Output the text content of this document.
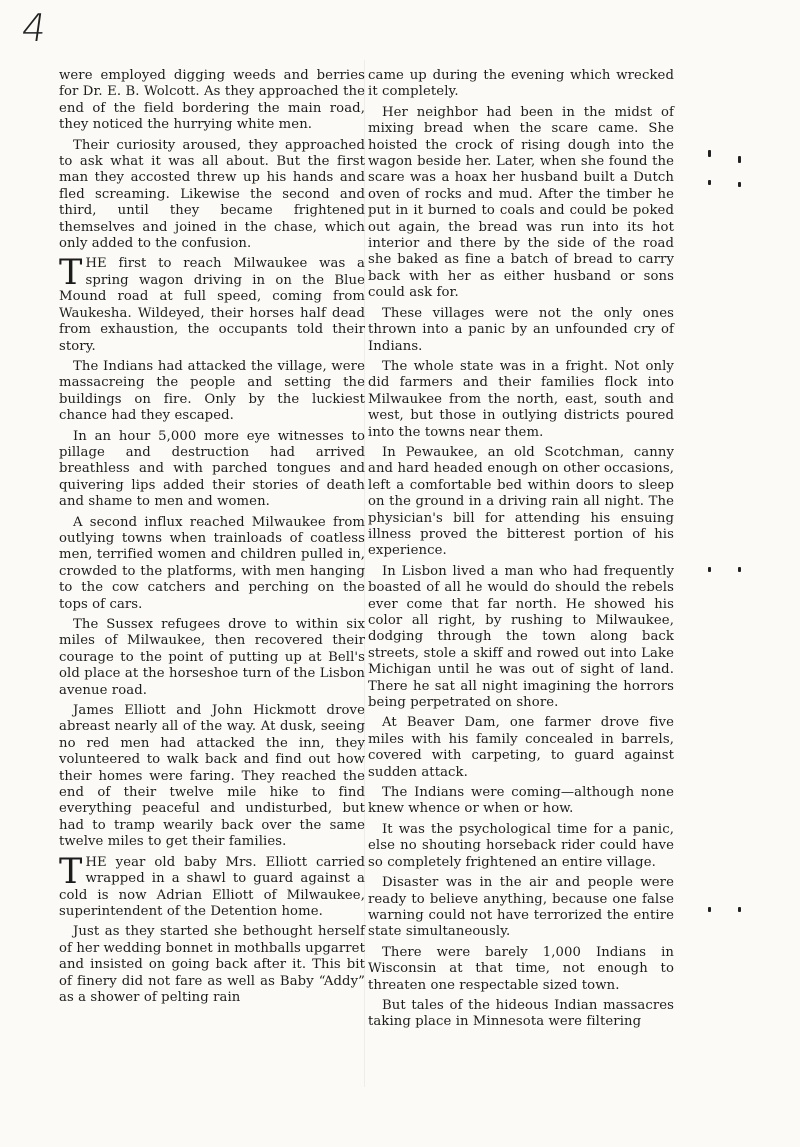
4

were employed digging weeds and berries for Dr. E. B. Wolcott. As they approached the end of the field bordering the main road, they noticed the hurrying white men.

Their curiosity aroused, they approached to ask what it was all about. But the first man they accosted threw up his hands and fled screaming. Likewise the second and third, until they became frightened themselves and joined in the chase, which only added to the confusion.

THE first to reach Milwaukee was a spring wagon driving in on the Blue Mound road at full speed, coming from Waukesha. Wildeyed, their horses half dead from exhaustion, the occupants told their story.

The Indians had attacked the village, were massacreing the people and setting the buildings on fire. Only by the luckiest chance had they escaped.

In an hour 5,000 more eye witnesses to pillage and destruction had arrived breathless and with parched tongues and quivering lips added their stories of death and shame to men and women.

A second influx reached Milwaukee from outlying towns when trainloads of coatless men, terrified women and children pulled in, crowded to the platforms, with men hanging to the cow catchers and perching on the tops of cars.

The Sussex refugees drove to within six miles of Milwaukee, then recovered their courage to the point of putting up at Bell's old place at the horseshoe turn of the Lisbon avenue road.

James Elliott and John Hickmott drove abreast nearly all of the way. At dusk, seeing no red men had attacked the inn, they volunteered to walk back and find out how their homes were faring. They reached the end of their twelve mile hike to find everything peaceful and undisturbed, but had to tramp wearily back over the same twelve miles to get their families.

THE year old baby Mrs. Elliott carried wrapped in a shawl to guard against a cold is now Adrian Elliott of Milwaukee, superintendent of the Detention home.

Just as they started she bethought herself of her wedding bonnet in mothballs upgarret and insisted on going back after it. This bit of finery did not fare as well as Baby “Addy” as a shower of pelting rain

came up during the evening which wrecked it completely.

Her neighbor had been in the midst of mixing bread when the scare came. She hoisted the crock of rising dough into the wagon beside her. Later, when she found the scare was a hoax her husband built a Dutch oven of rocks and mud. After the timber he put in it burned to coals and could be poked out again, the bread was run into its hot interior and there by the side of the road she baked as fine a batch of bread to carry back with her as either husband or sons could ask for.

These villages were not the only ones thrown into a panic by an unfounded cry of Indians.

The whole state was in a fright. Not only did farmers and their families flock into Milwaukee from the north, east, south and west, but those in outlying districts poured into the towns near them.

In Pewaukee, an old Scotchman, canny and hard headed enough on other occasions, left a comfortable bed within doors to sleep on the ground in a driving rain all night. The physician's bill for attending his ensuing illness proved the bitterest portion of his experience.

In Lisbon lived a man who had frequently boasted of all he would do should the rebels ever come that far north. He showed his color all right, by rushing to Milwaukee, dodging through the town along back streets, stole a skiff and rowed out into Lake Michigan until he was out of sight of land. There he sat all night imagining the horrors being perpetrated on shore.

At Beaver Dam, one farmer drove five miles with his family concealed in barrels, covered with carpeting, to guard against sudden attack.

The Indians were coming—although none knew whence or when or how.

It was the psychological time for a panic, else no shouting horseback rider could have so completely frightened an entire village.

Disaster was in the air and people were ready to believe anything, because one false warning could not have terrorized the entire state simultaneously.

There were barely 1,000 Indians in Wisconsin at that time, not enough to threaten one respectable sized town.

But tales of the hideous Indian massacres taking place in Minnesota were filtering
